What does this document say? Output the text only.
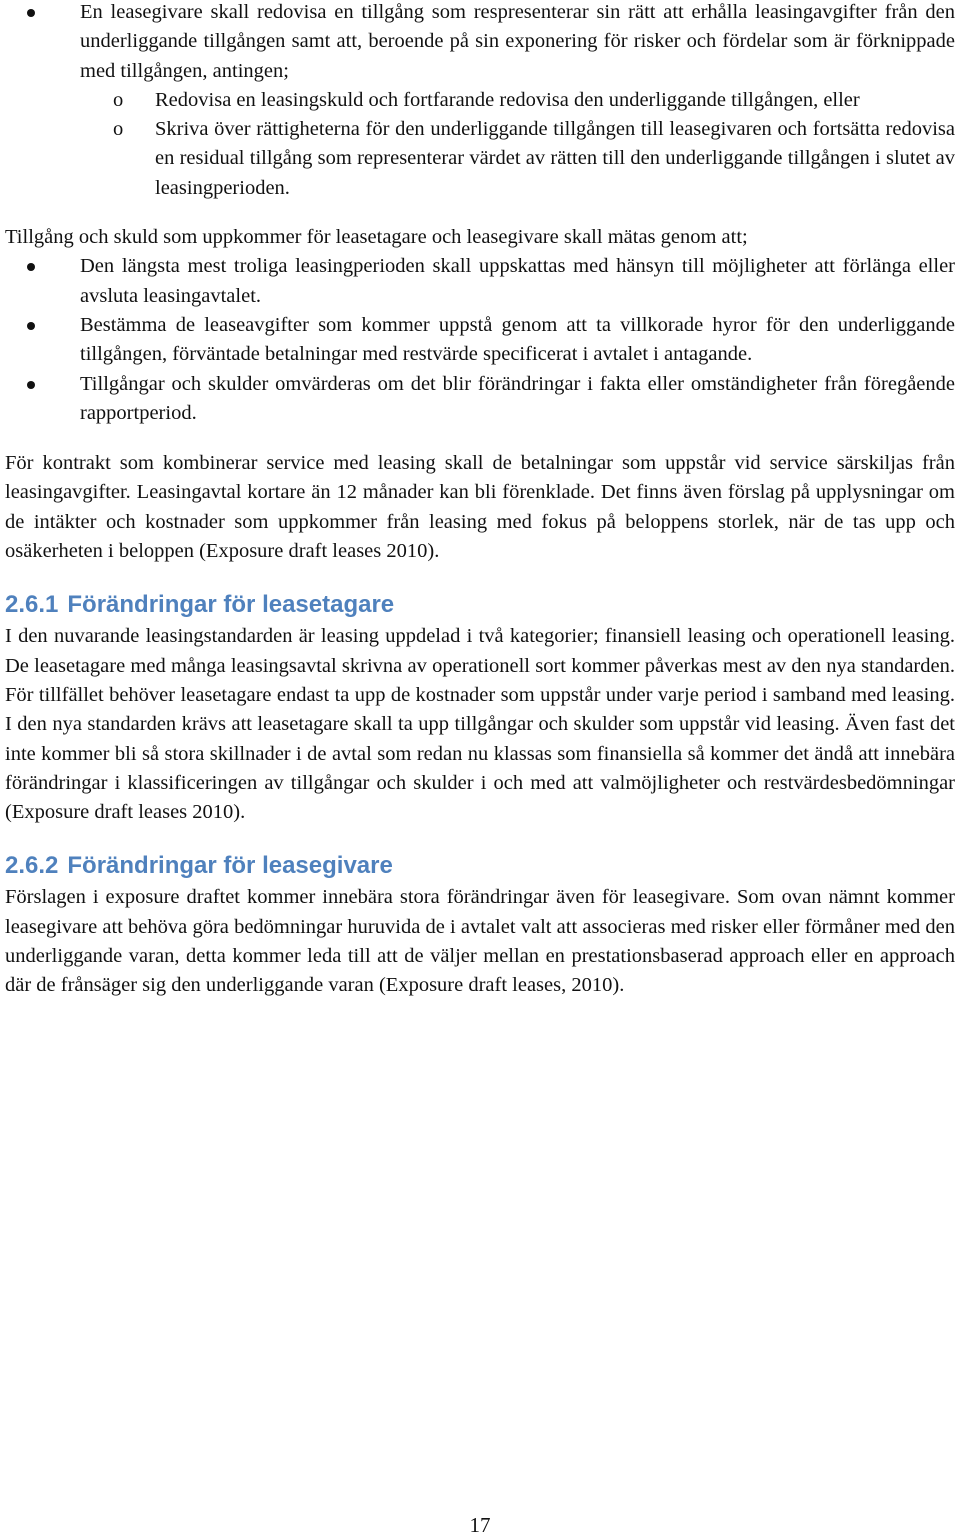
En leasegivare skall redovisa en tillgång som respresenterar sin rätt att erhålla leasingavgifter från den underliggande tillgången samt att, beroende på sin exponering för risker och fördelar som är förknippade med tillgången, antingen;
o Redovisa en leasingskuld och fortfarande redovisa den underliggande tillgången, eller
o Skriva över rättigheterna för den underliggande tillgången till leasegivaren och fortsätta redovisa en residual tillgång som representerar värdet av rätten till den underliggande tillgången i slutet av leasingperioden.

Tillgång och skuld som uppkommer för leasetagare och leasegivare skall mätas genom att;

Den längsta mest troliga leasingperioden skall uppskattas med hänsyn till möjligheter att förlänga eller avsluta leasingavtalet.
Bestämma de leaseavgifter som kommer uppstå genom att ta villkorade hyror för den underliggande tillgången, förväntade betalningar med restvärde specificerat i avtalet i antagande.
Tillgångar och skulder omvärderas om det blir förändringar i fakta eller omständigheter från föregående rapportperiod.

För kontrakt som kombinerar service med leasing skall de betalningar som uppstår vid service särskiljas från leasingavgifter. Leasingavtal kortare än 12 månader kan bli förenklade. Det finns även förslag på upplysningar om de intäkter och kostnader som uppkommer från leasing med fokus på beloppens storlek, när de tas upp och osäkerheten i beloppen (Exposure draft leases 2010).

2.6.1 Förändringar för leasetagare

I den nuvarande leasingstandarden är leasing uppdelad i två kategorier; finansiell leasing och operationell leasing. De leasetagare med många leasingsavtal skrivna av operationell sort kommer påverkas mest av den nya standarden. För tillfället behöver leasetagare endast ta upp de kostnader som uppstår under varje period i samband med leasing. I den nya standarden krävs att leasetagare skall ta upp tillgångar och skulder som uppstår vid leasing. Även fast det inte kommer bli så stora skillnader i de avtal som redan nu klassas som finansiella så kommer det ändå att innebära förändringar i klassificeringen av tillgångar och skulder i och med att valmöjligheter och restvärdesbedömningar (Exposure draft leases 2010).

2.6.2 Förändringar för leasegivare

Förslagen i exposure draftet kommer innebära stora förändringar även för leasegivare. Som ovan nämnt kommer leasegivare att behöva göra bedömningar huruvida de i avtalet valt att associeras med risker eller förmåner med den underliggande varan, detta kommer leda till att de väljer mellan en prestationsbaserad approach eller en approach där de frånsäger sig den underliggande varan (Exposure draft leases, 2010).

17
